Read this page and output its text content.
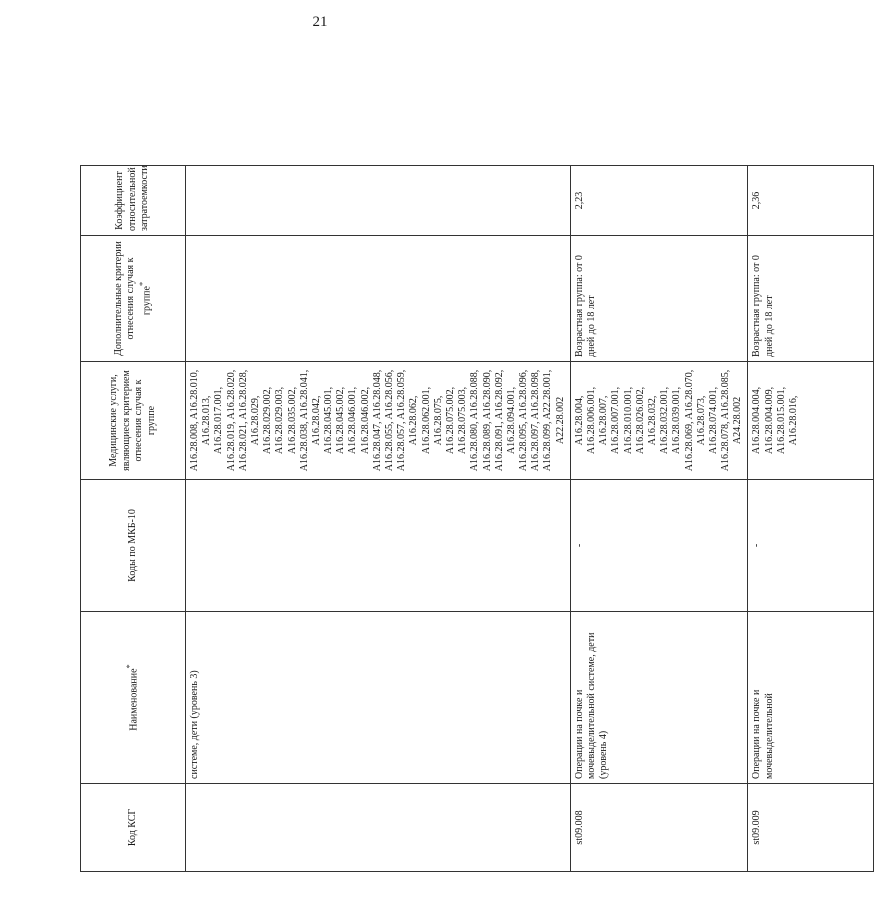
21
Код КСГ	Наименование*	Коды по МКБ-10	Медицинские услуги, являющиеся критерием отнесения случая к группе	Дополнительные критерии отнесения случая к группе*	Коэффициент относительной затратоемкости
	системе, дети (уровень 3)		A16.28.008, A16.28.010, A16.28.013, A16.28.017.001, A16.28.019, A16.28.020, A16.28.021, A16.28.028, A16.28.029, A16.28.029.002, A16.28.029.003, A16.28.035.002, A16.28.038, A16.28.041, A16.28.042, A16.28.045.001, A16.28.045.002, A16.28.046.001, A16.28.046.002, A16.28.047, A16.28.048, A16.28.055, A16.28.056, A16.28.057, A16.28.059, A16.28.062, A16.28.062.001, A16.28.075, A16.28.075.002, A16.28.075.003, A16.28.080, A16.28.088, A16.28.089, A16.28.090, A16.28.091, A16.28.092, A16.28.094.001, A16.28.095, A16.28.096, A16.28.097, A16.28.098, A16.28.099, A22.28.001, A22.28.002		
st09.008	Операции на почке и мочевыделительной системе, дети (уровень 4)	-	A16.28.004, A16.28.006.001, A16.28.007, A16.28.007.001, A16.28.010.001, A16.28.026.002, A16.28.032, A16.28.032.001, A16.28.039.001, A16.28.069, A16.28.070, A16.28.073, A16.28.074.001, A16.28.078, A16.28.085, A24.28.002	Возрастная группа: от 0 дней до 18 лет	2,23
st09.009	Операции на почке и мочевыделительной	-	A16.28.004.004, A16.28.004.009, A16.28.015.001, A16.28.016,	Возрастная группа: от 0 дней до 18 лет	2,36
